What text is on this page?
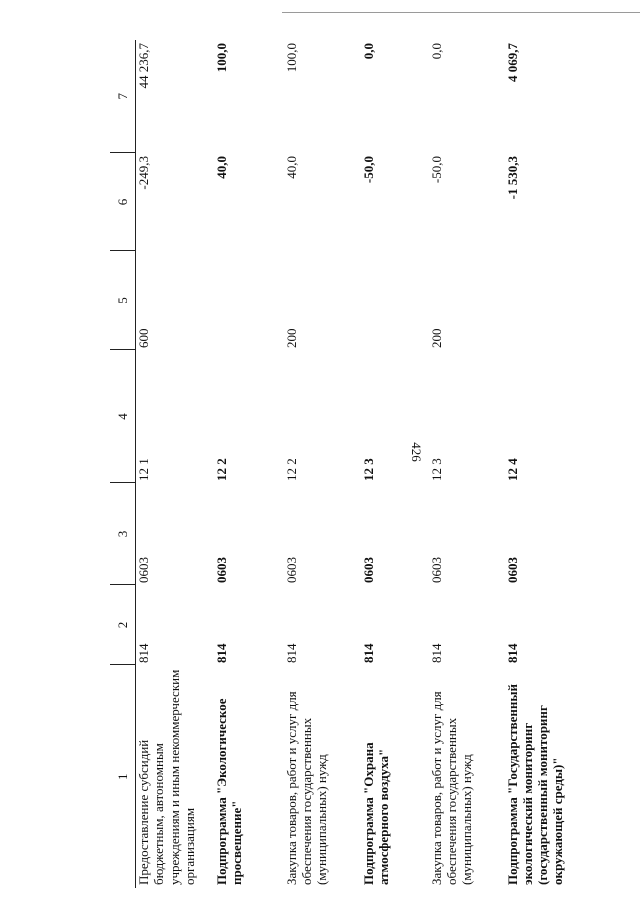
426
1	2	3	4	5	6	7
Предоставление субсидий бюджетным, автономным учреждениям и иным некоммерческим организациям	814	0603	12 1	600	-249,3	44 236,7
Подпрограмма "Экологическое просвещение"	814	0603	12 2		40,0	100,0
Закупка товаров, работ и услуг для обеспечения государственных (муниципальных) нужд	814	0603	12 2	200	40,0	100,0
Подпрограмма "Охрана атмосферного воздуха"	814	0603	12 3		-50,0	0,0
Закупка товаров, работ и услуг для обеспечения государственных (муниципальных) нужд	814	0603	12 3	200	-50,0	0,0
Подпрограмма "Государственный экологический мониторинг (государственный мониторинг окружающей среды)"	814	0603	12 4		-1 530,3	4 069,7
